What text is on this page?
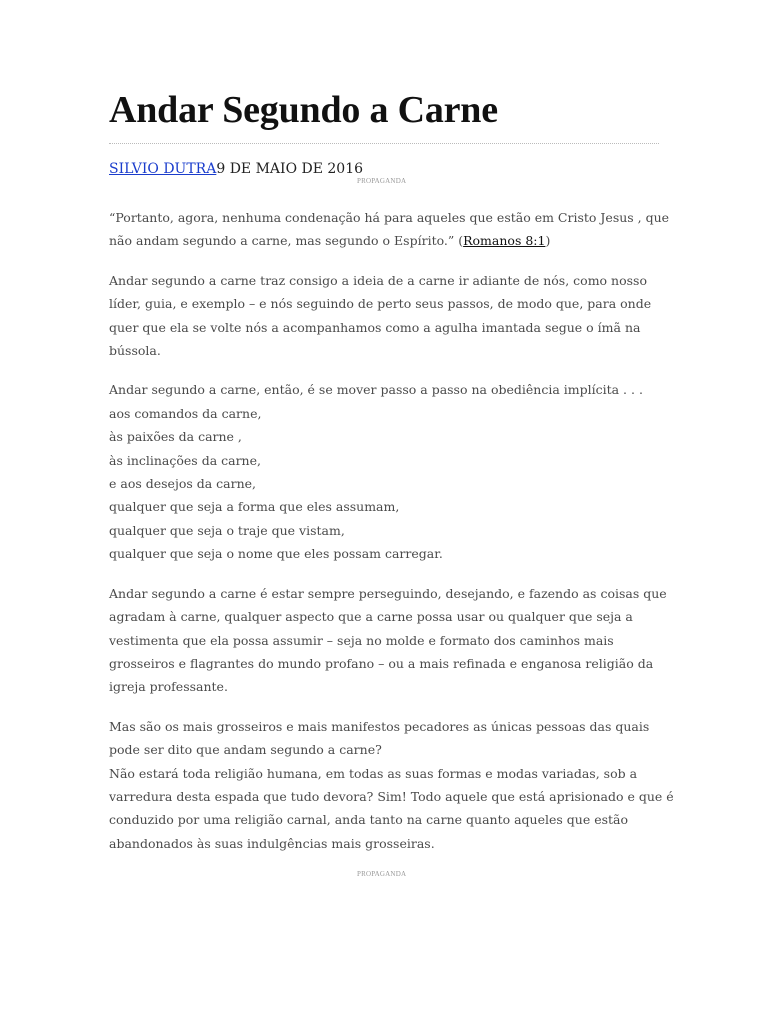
Andar Segundo a Carne
SILVIO DUTRA9 DE MAIO DE 2016
PROPAGANDA

“Portanto, agora, nenhuma condenação há para aqueles que estão em Cristo Jesus , que
não andam segundo a carne, mas segundo o Espírito.” (Romanos 8:1)

Andar segundo a carne traz consigo a ideia de a carne ir adiante de nós, como nosso
líder, guia, e exemplo – e nós seguindo de perto seus passos, de modo que, para onde
quer que ela se volte nós a acompanhamos como a agulha imantada segue o ímã na
bússola.

Andar segundo a carne, então, é se mover passo a passo na obediência implícita . . .
aos comandos da carne,
às paixões da carne ,
às inclinações da carne,
e aos desejos da carne,
qualquer que seja a forma que eles assumam,
qualquer que seja o traje que vistam,
qualquer que seja o nome que eles possam carregar.

Andar segundo a carne é estar sempre perseguindo, desejando, e fazendo as coisas que
agradam à carne, qualquer aspecto que a carne possa usar ou qualquer que seja a
vestimenta que ela possa assumir – seja no molde e formato dos caminhos mais
grosseiros e flagrantes do mundo profano – ou a mais refinada e enganosa religião da
igreja professante.

Mas são os mais grosseiros e mais manifestos pecadores as únicas pessoas das quais
pode ser dito que andam segundo a carne?
Não estará toda religião humana, em todas as suas formas e modas variadas, sob a
varredura desta espada que tudo devora? Sim! Todo aquele que está aprisionado e que é
conduzido por uma religião carnal, anda tanto na carne quanto aqueles que estão
abandonados às suas indulgências mais grosseiras.

PROPAGANDA
